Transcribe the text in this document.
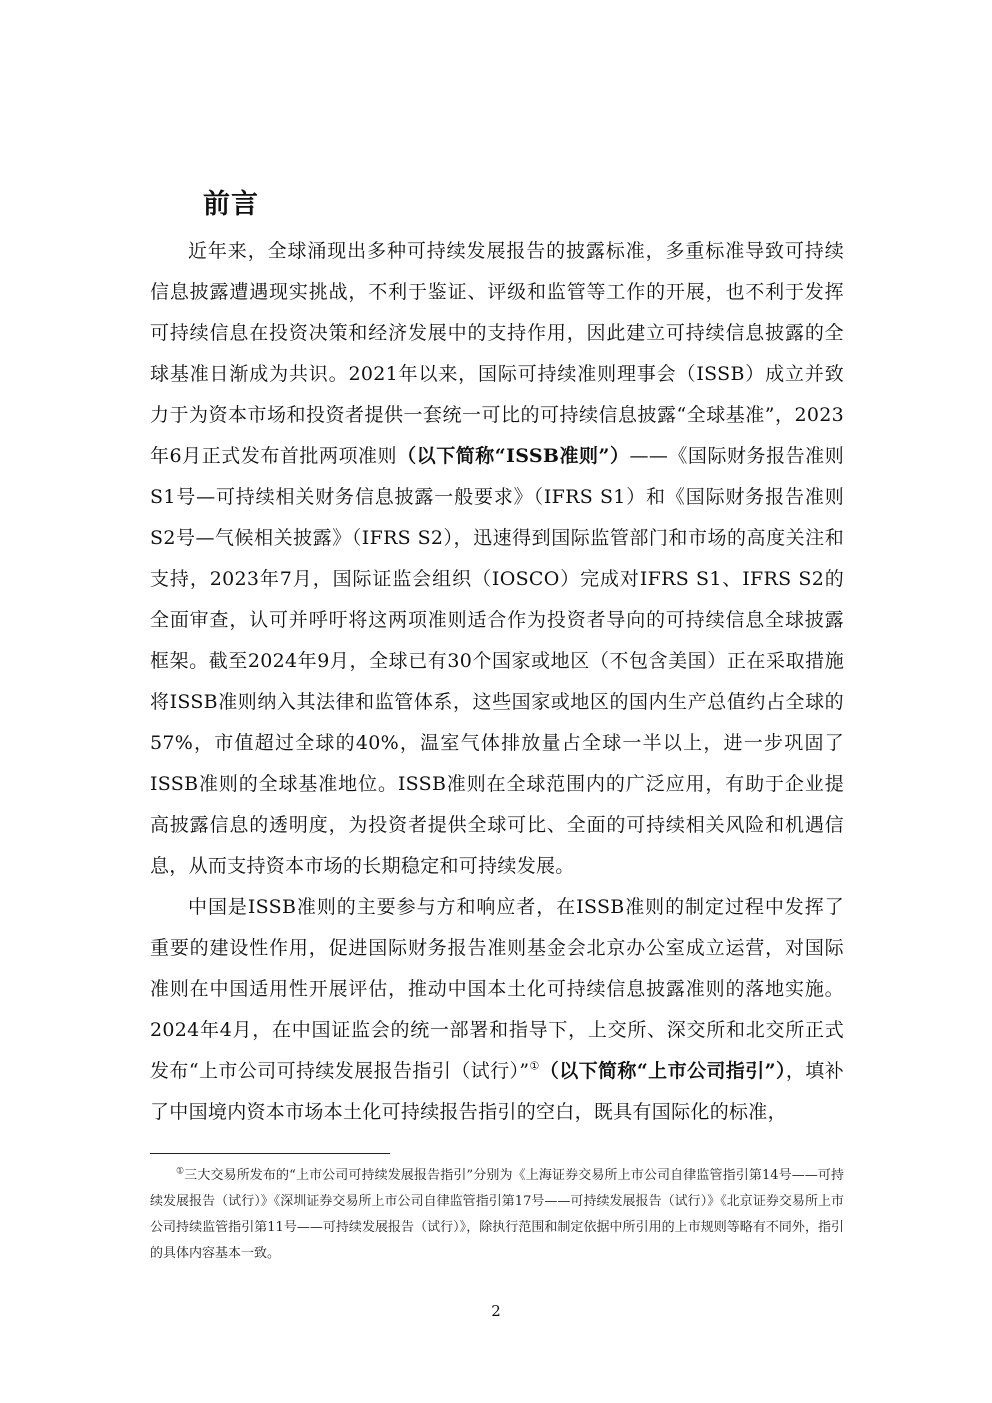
前言

近年来，全球涌现出多种可持续发展报告的披露标准，多重标准导致可持续信息披露遭遇现实挑战，不利于鉴证、评级和监管等工作的开展，也不利于发挥可持续信息在投资决策和经济发展中的支持作用，因此建立可持续信息披露的全球基准日渐成为共识。2021年以来，国际可持续准则理事会（ISSB）成立并致力于为资本市场和投资者提供一套统一可比的可持续信息披露“全球基准”，2023年6月正式发布首批两项准则（以下简称“ISSB准则”）——《国际财务报告准则S1号—可持续相关财务信息披露一般要求》（IFRS S1）和《国际财务报告准则S2号—气候相关披露》（IFRS S2），迅速得到国际监管部门和市场的高度关注和支持，2023年7月，国际证监会组织（IOSCO）完成对IFRS S1、IFRS S2的全面审查，认可并呼吁将这两项准则适合作为投资者导向的可持续信息全球披露框架。截至2024年9月，全球已有30个国家或地区（不包含美国）正在采取措施将ISSB准则纳入其法律和监管体系，这些国家或地区的国内生产总值约占全球的57%，市值超过全球的40%，温室气体排放量占全球一半以上，进一步巩固了ISSB准则的全球基准地位。ISSB准则在全球范围内的广泛应用，有助于企业提高披露信息的透明度，为投资者提供全球可比、全面的可持续相关风险和机遇信息，从而支持资本市场的长期稳定和可持续发展。

中国是ISSB准则的主要参与方和响应者，在ISSB准则的制定过程中发挥了重要的建设性作用，促进国际财务报告准则基金会北京办公室成立运营，对国际准则在中国适用性开展评估，推动中国本土化可持续信息披露准则的落地实施。2024年4月，在中国证监会的统一部署和指导下，上交所、深交所和北交所正式发布“上市公司可持续发展报告指引（试行）”①（以下简称“上市公司指引”），填补了中国境内资本市场本土化可持续报告指引的空白，既具有国际化的标准，

①三大交易所发布的“上市公司可持续发展报告指引”分别为《上海证券交易所上市公司自律监管指引第14号——可持续发展报告（试行）》《深圳证券交易所上市公司自律监管指引第17号——可持续发展报告（试行）》《北京证券交易所上市公司持续监管指引第11号——可持续发展报告（试行）》，除执行范围和制定依据中所引用的上市规则等略有不同外，指引的具体内容基本一致。

2
